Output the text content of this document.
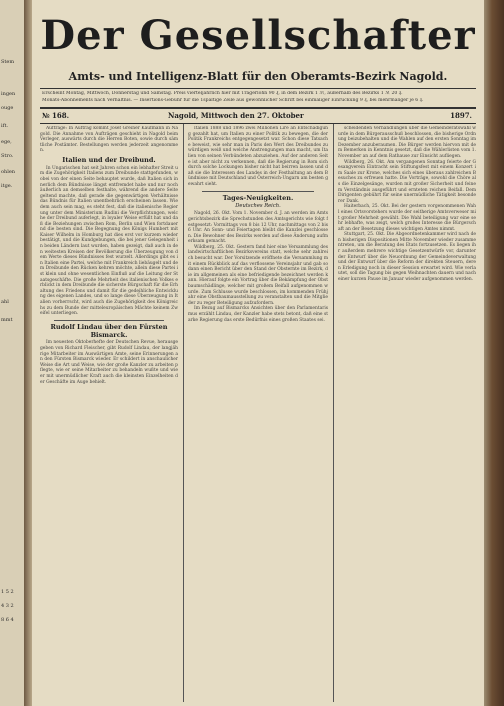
Stem
ingen
ouge
ift.
ege,
Stro.
ohlen
itge.
ahl
mmt
1 5 2
4 3 2
8 6 4
Der Gesellschafter
Amts- und Intelligenz-Blatt für den Oberamts-Bezirk Nagold.
Erscheint Montag, Mittwoch, Donnerstag und Samstag. Preis vierteljährlich hier mit Trägerlohn 90 ₰, in dem Bezirk 1 ℳ, außerhalb des Bezirks 1 ℳ 20 ₰.
Monats-Abonnements nach Verhältnis. — Insertions-Gebühr für die 1spaltige Zeile aus gewöhnlicher Schrift bei einmaliger Einrückung 9 ₰, bei mehrmaliger je 6 ₰.
№ 168.	Nagold, Mittwoch den 27. Oktober	1897.

Aufträge: In Auftrag kommt Josef Greiner Kaufmann in Nagold. Die Annahme von Aufträgen geschieht in Nagold beim Verleger, auswärts durch die Herren Boten, sowie durch sämtliche Postämter. Bestellungen werden jederzeit angenommen.

Italien und der Dreibund.

In Ungarischen hat seit Jahren schon ein lebhafter Streit um die Zugehörigkeit Italiens zum Dreibunde stattgefunden, wobei von der einen Seite behauptet wurde, daß Italien sich innerlich dem Bündnisse längst entfremdet habe und nur noch äußerlich an demselben festhalte, während die andere Seite geltend machte, daß gerade die gegenwärtigen Verhältnisse das Bündnis für Italien unentbehrlich erscheinen lassen. Wie dem auch sein mag, es steht fest, daß die italienische Regierung unter dem Ministerium Rudini die Verpflichtungen, welche der Dreibund auferlegt, in loyaler Weise erfüllt hat und daß die Beziehungen zwischen Rom, Berlin und Wien fortdauernd die besten sind. Die Begegnung des Königs Humbert mit Kaiser Wilhelm in Homburg hat dies erst vor kurzem wieder bestätigt, und die Kundgebungen, die bei jener Gelegenheit in beiden Ländern laut wurden, haben gezeigt, daß auch in den weitesten Kreisen der Bevölkerung die Überzeugung von dem Werte dieses Bündnisses fest wurzelt. Allerdings gibt es in Italien eine Partei, welche mit Frankreich liebäugelt und dem Dreibunde den Rücken kehren möchte, allein diese Partei ist klein und ohne wesentlichen Einfluß auf die Leitung der Staatsgeschäfte. Die große Mehrheit des italienischen Volkes erblickt in dem Dreibunde die sicherste Bürgschaft für die Erhaltung des Friedens und damit für die gedeihliche Entwicklung des eigenen Landes, und so lange diese Überzeugung in Italien vorherrscht, wird auch die Zugehörigkeit des Königreichs zu dem Bunde der mitteleuropäischen Mächte keinem Zweifel unterliegen.

Rudolf Lindau über den Fürsten Bismarck.

Im neuesten Oktoberhefte der Deutschen Revue, herausgegeben von Richard Fleischer, gibt Rudolf Lindau, der langjährige Mitarbeiter im Auswärtigen Amte, seine Erinnerungen an den Fürsten Bismarck wieder. Er schildert in anschaulicher Weise die Art und Weise, wie der große Kanzler zu arbeiten pflegte, wie er seine Mitarbeiter zu behandeln wußte und wie er mit unermüdlicher Kraft auch die kleinsten Einzelheiten der Geschäfte im Auge behielt.

Italien 1888 und 1896 zwei Millionen Lire an Entschädigung gezahlt hat, um Italien zu einer Politik zu bewegen, die der Politik Frankreichs entgegengesetzt war. Schon diese Tatsache beweist, wie sehr man in Paris den Wert des Dreibundes zu würdigen weiß und welche Anstrengungen man macht, um Italien von seinen Verbündeten abzuziehen. Auf der anderen Seite ist aber nicht zu verkennen, daß die Regierung in Rom sich durch solche Lockungen bisher nicht hat beirren lassen und daß sie die Interessen des Landes in der Festhaltung an dem Bündnisse mit Deutschland und Österreich-Ungarn am besten gewahrt sieht.

Tages-Neuigkeiten.
Deutsches Reich.

Nagold, 26. Okt. Vom 1. November d. J. an werden im Amtsgerichtsbezirk die Sprechstunden des Amtsgerichts wie folgt festgesetzt: Vormittags von 8 bis 12 Uhr, nachmittags von 2 bis 6 Uhr. An Sonn- und Feiertagen bleibt die Kanzlei geschlossen. Die Bewohner des Bezirks werden auf diese Änderung aufmerksam gemacht.

Wildberg, 25. Okt. Gestern fand hier eine Versammlung des landwirtschaftlichen Bezirksvereins statt, welche sehr zahlreich besucht war. Der Vorsitzende eröffnete die Versammlung mit einem Rückblick auf das verflossene Vereinsjahr und gab sodann einen Bericht über den Stand der Obsternte im Bezirk, die im allgemeinen als eine befriedigende bezeichnet werden kann. Hierauf folgte ein Vortrag über die Bekämpfung der Obstbaumschädlinge, welcher mit großem Beifall aufgenommen wurde. Zum Schlusse wurde beschlossen, im kommenden Frühjahr eine Obstbaumausstellung zu veranstalten und die Mitglieder zu reger Beteiligung aufzufordern.

Im Bezug auf Bismarcks Ansichten über den Parlamentarismus erzählt Lindau, der Kanzler habe stets betont, daß eine starke Regierung das erste Bedürfnis eines großen Staates sei.

scheidenden Verhandlungen über die Gemeinderatswahl wurde in dem Bürgerausschuß beschlossen, die bisherige Ordnung beizubehalten und die Wahlen auf den ersten Sonntag im Dezember anzuberaumen. Die Bürger werden hiervon mit dem Bemerken in Kenntnis gesetzt, daß die Wählerlisten vom 1. November an auf dem Rathause zur Einsicht aufliegen.

Wildberg, 26. Okt. Am vergangenen Sonntag feierte der Gesangverein Eintracht sein Stiftungsfest mit einem Konzert im Saale zur Krone, welches sich eines überaus zahlreichen Besuches zu erfreuen hatte. Die Vorträge, sowohl die Chöre als die Einzelgesänge, wurden mit großer Sicherheit und feinem Verständnis ausgeführt und ernteten reichen Beifall. Dem Dirigenten gebührt für seine unermüdliche Tätigkeit besonderer Dank.

Haiterbach, 25. Okt. Bei der gestern vorgenommenen Wahl eines Ortsvorstehers wurde der seitherige Amtsverweser mit großer Mehrheit gewählt. Die Wahl beteiligung war eine sehr lebhafte, was zeigt, welch großes Interesse die Bürgerschaft an der Besetzung dieses wichtigen Amtes nimmt.

Stuttgart, 25. Okt. Die Abgeordnetenkammer wird nach den bisherigen Dispositionen Mitte November wieder zusammentreten, um die Beratung des Etats fortzusetzen. Es liegen ihr außerdem mehrere wichtige Gesetzentwürfe vor, darunter der Entwurf über die Neuordnung der Gemeindeverwaltung und der Entwurf über die Reform der direkten Steuern, deren Erledigung noch in dieser Session erwartet wird. Wie verlautet, soll die Tagung bis gegen Weihnachten dauern und nach einer kurzen Pause im Januar wieder aufgenommen werden.
